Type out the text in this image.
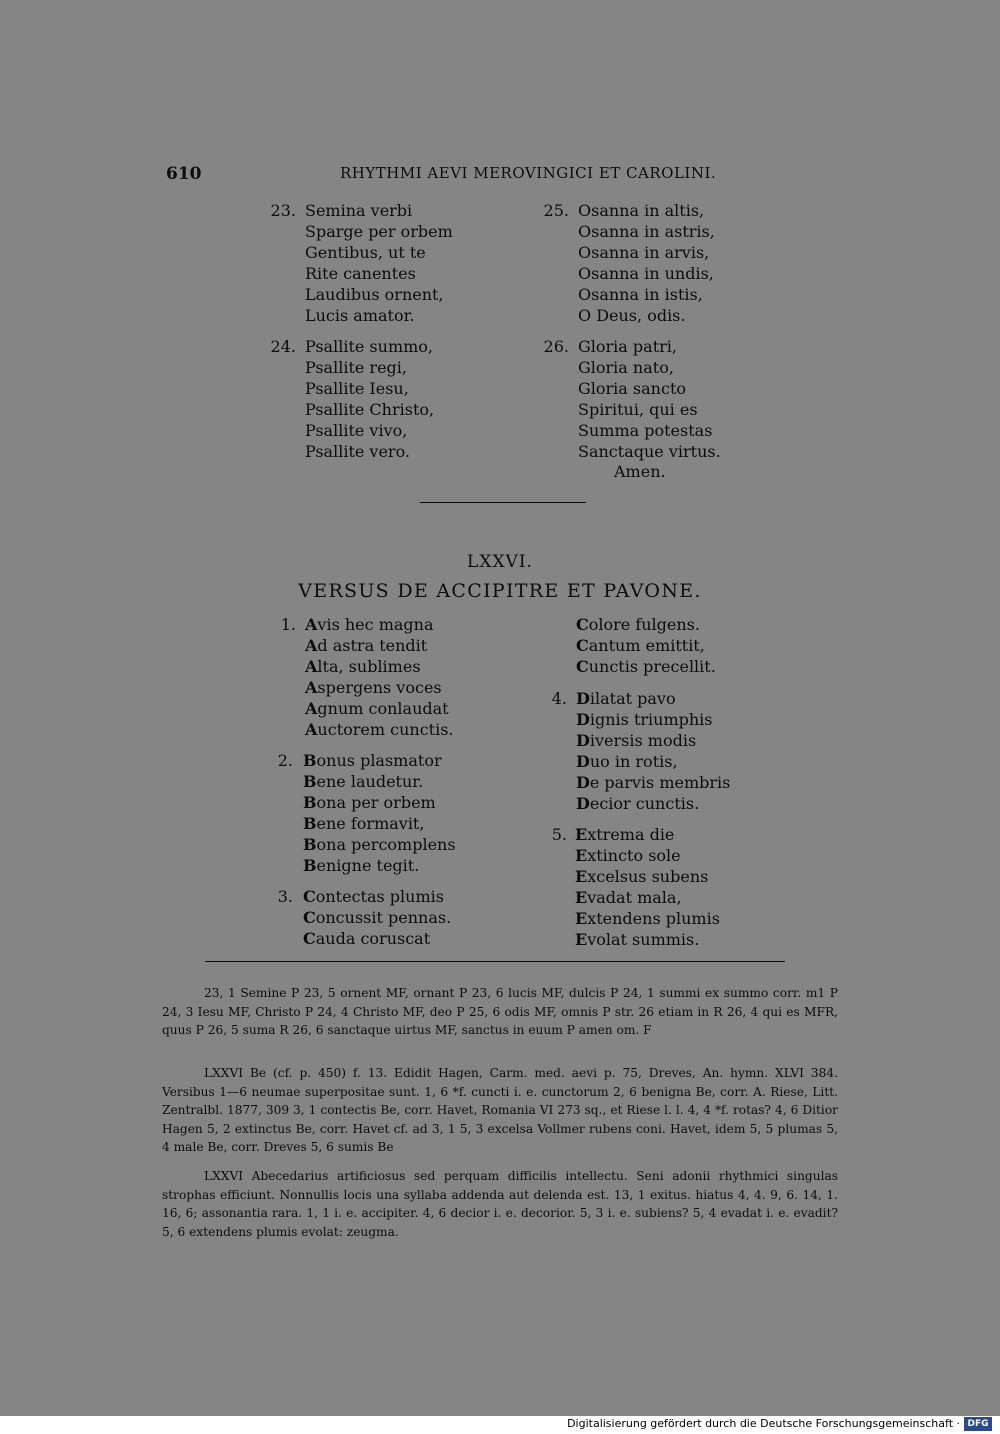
610	RHYTHMI AEVI MEROVINGICI ET CAROLINI.
23. Semina verbi
Sparge per orbem
Gentibus, ut te
Rite canentes
Laudibus ornent,
Lucis amator.
24. Psallite summo,
Psallite regi,
Psallite Iesu,
Psallite Christo,
Psallite vivo,
Psallite vero.
25. Osanna in altis,
Osanna in astris,
Osanna in arvis,
Osanna in undis,
Osanna in istis,
O Deus, odis.
26. Gloria patri,
Gloria nato,
Gloria sancto
Spiritui, qui es
Summa potestas
Sanctaque virtus.
Amen.
LXXVI.
VERSUS DE ACCIPITRE ET PAVONE.
1. Avis hec magna
Ad astra tendit
Alta, sublimes
Aspergens voces
Agnum conlaudat
Auctorem cunctis.
2. Bonus plasmator
Bene laudetur.
Bona per orbem
Bene formavit,
Bona percomplens
Benigne tegit.
3. Contectas plumis
Concussit pennas.
Cauda coruscat
Colore fulgens.
Cantum emittit,
Cunctis precellit.
4. Dilatat pavo
Dignis triumphis
Diversis modis
Duo in rotis,
De parvis membris
Decior cunctis.
5. Extrema die
Extincto sole
Excelsus subens
Evadat mala,
Extendens plumis
Evolat summis.

23, 1 Semine P 23, 5 ornent MF, ornant P 23, 6 lucis MF, dulcis P 24, 1 summi ex summo corr. m1 P 24, 3 Iesu MF, Christo P 24, 4 Christo MF, deo P 25, 6 odis MF, omnis P str. 26 etiam in R 26, 4 qui es MFR, quus P 26, 5 suma R 26, 6 sanctaque uirtus MF, sanctus in euum P amen om. F

LXXVI Be (cf. p. 450) f. 13. Edidit Hagen, Carm. med. aevi p. 75, Dreves, An. hymn. XLVI 384. Versibus 1—6 neumae superpositae sunt. 1, 6 *f. cuncti i. e. cunctorum 2, 6 benigna Be, corr. A. Riese, Litt. Zentralbl. 1877, 309 3, 1 contectis Be, corr. Havet, Romania VI 273 sq., et Riese l. l. 4, 4 *f. rotas? 4, 6 Ditior Hagen 5, 2 extinctus Be, corr. Havet cf. ad 3, 1 5, 3 excelsa Vollmer rubens coni. Havet, idem 5, 5 plumas 5, 4 male Be, corr. Dreves 5, 6 sumis Be

LXXVI Abecedarius artificiosus sed perquam difficilis intellectu. Seni adonii rhythmici singulas strophas efficiunt. Nonnullis locis una syllaba addenda aut delenda est. 13, 1 exitus. hiatus 4, 4. 9, 6. 14, 1. 16, 6; assonantia rara. 1, 1 i. e. accipiter. 4, 6 decior i. e. decorior. 5, 3 i. e. subiens? 5, 4 evadat i. e. evadit? 5, 6 extendens plumis evolat: zeugma.

Digitalisierung gefördert durch die Deutsche Forschungsgemeinschaft · DFG
